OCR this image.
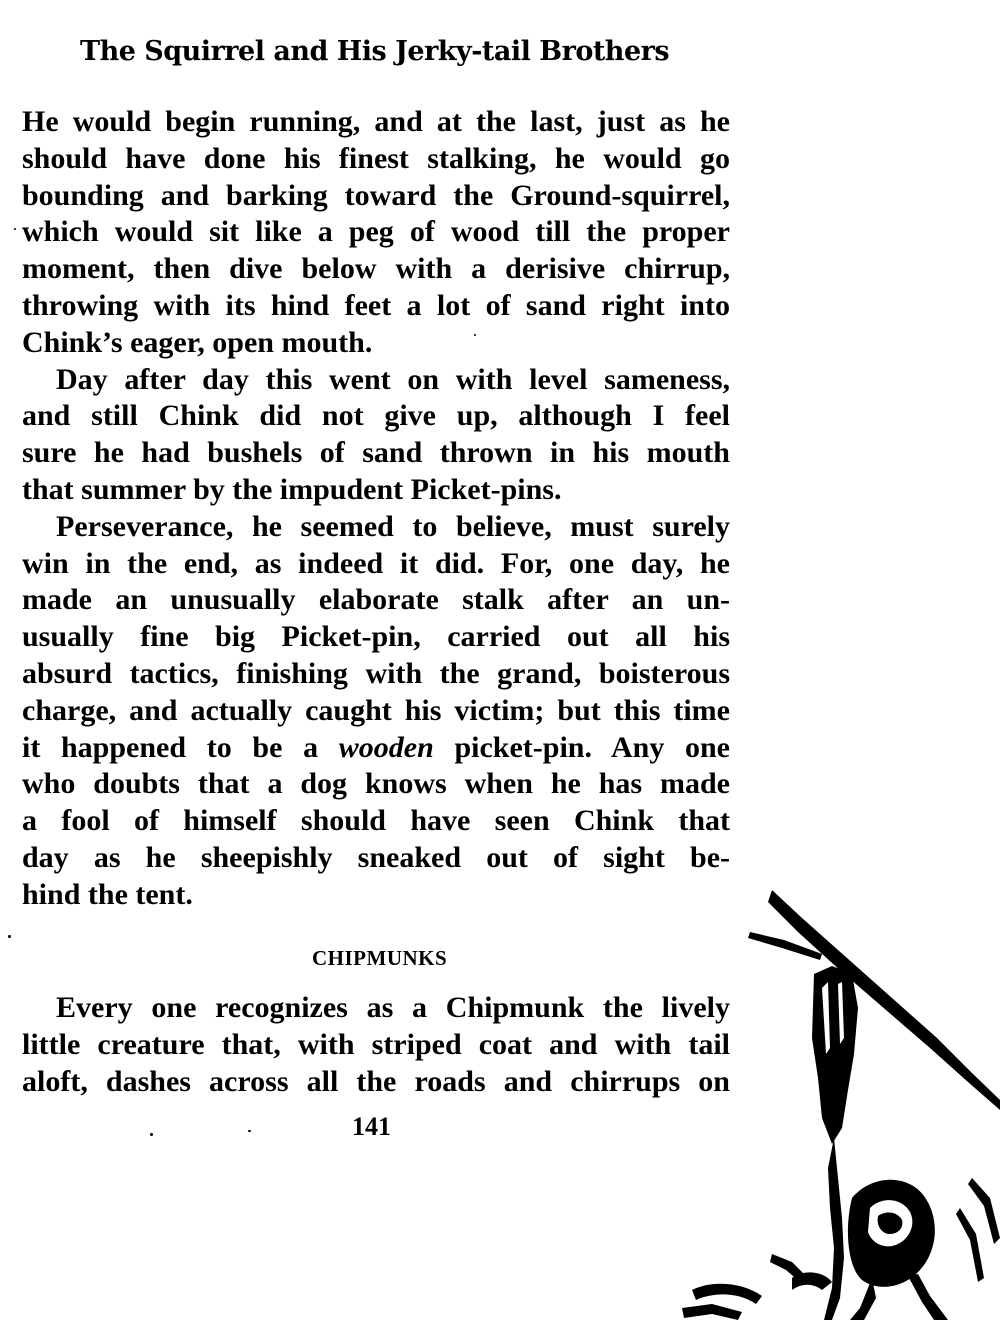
The Squirrel and His Jerky-tail Brothers
He would begin running, and at the last, just as he
should have done his finest stalking, he would go
bounding and barking toward the Ground-squirrel,
which would sit like a peg of wood till the proper
moment, then dive below with a derisive chirrup,
throwing with its hind feet a lot of sand right into
Chink’s eager, open mouth.
Day after day this went on with level sameness,
and still Chink did not give up, although I feel
sure he had bushels of sand thrown in his mouth
that summer by the impudent Picket-pins.
Perseverance, he seemed to believe, must surely
win in the end, as indeed it did. For, one day, he
made an unusually elaborate stalk after an un-
usually fine big Picket-pin, carried out all his
absurd tactics, finishing with the grand, boisterous
charge, and actually caught his victim; but this time
it happened to be a wooden picket-pin. Any one
who doubts that a dog knows when he has made
a fool of himself should have seen Chink that
day as he sheepishly sneaked out of sight be-
hind the tent.
CHIPMUNKS
Every one recognizes as a Chipmunk the lively
little creature that, with striped coat and with tail
aloft, dashes across all the roads and chirrups on
141
